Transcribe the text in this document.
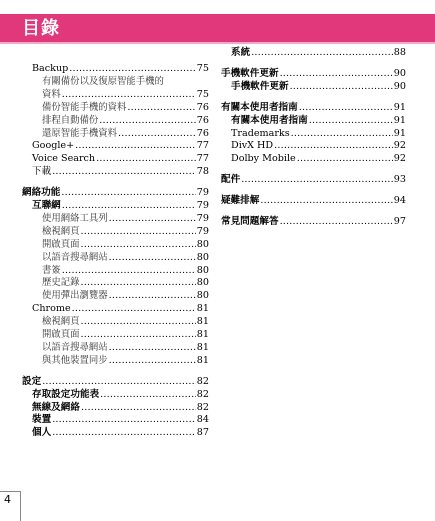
目錄
Backup .....	75
有關備份以及復原智能手機的
資料 .....	75
備份智能手機的資料 .....	76
排程自動備份 .....	76
還原智能手機資料 .....	76
Google+ .....	77
Voice Search .....	77
下載 .....	78
網絡功能 .....	79
互聯網 .....	79
使用網絡工具列 .....	79
檢視網頁 .....	79
開啟頁面 .....	80
以語音搜尋網站 .....	80
書簽 .....	80
歷史記錄 .....	80
使用彈出瀏覽器 .....	80
Chrome .....	81
檢視網頁 .....	81
開啟頁面 .....	81
以語音搜尋網站 .....	81
與其他裝置同步 .....	81
設定 .....	82
存取設定功能表 .....	82
無線及網絡 .....	82
裝置 .....	84
個人 .....	87
系統 .....	88
手機軟件更新 .....	90
手機軟件更新 .....	90
有關本使用者指南 .....	91
有關本使用者指南 .....	91
Trademarks .....	91
DivX HD .....	92
Dolby Mobile .....	92
配件 .....	93
疑難排解 .....	94
常見問題解答 .....	97
4
